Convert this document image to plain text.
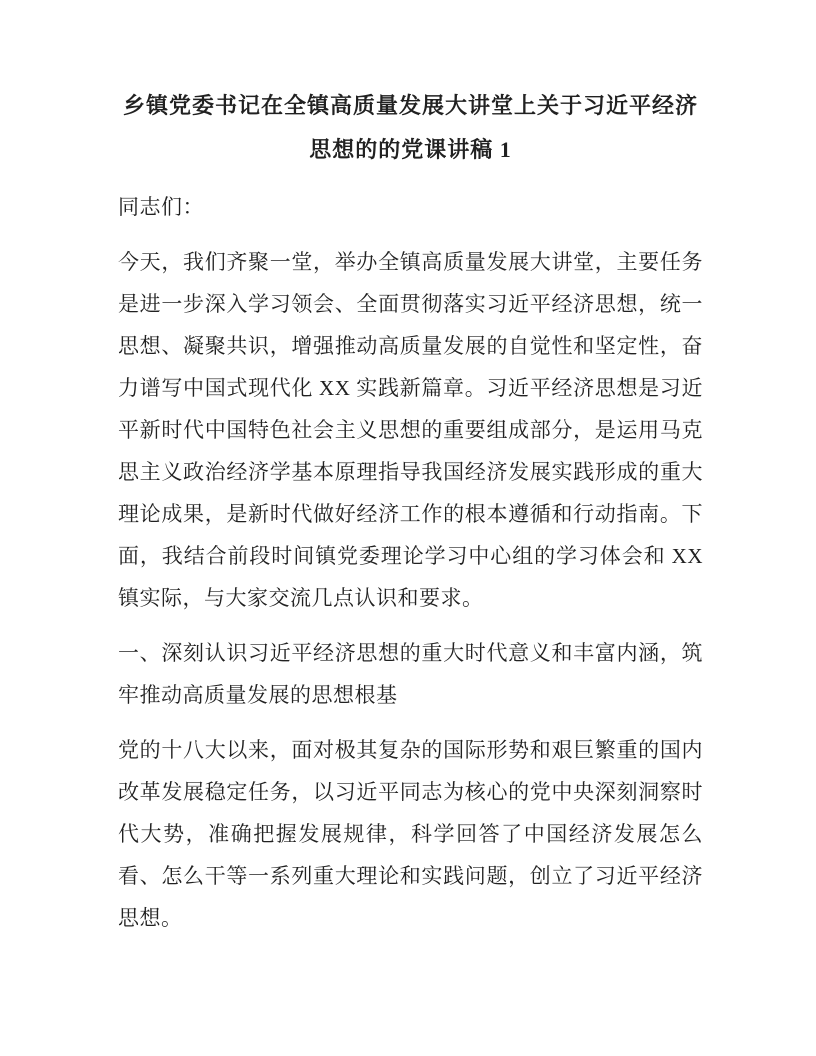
乡镇党委书记在全镇高质量发展大讲堂上关于习近平经济思想的的党课讲稿 1

同志们：

今天，我们齐聚一堂，举办全镇高质量发展大讲堂，主要任务是进一步深入学习领会、全面贯彻落实习近平经济思想，统一思想、凝聚共识，增强推动高质量发展的自觉性和坚定性，奋力谱写中国式现代化 XX 实践新篇章。习近平经济思想是习近平新时代中国特色社会主义思想的重要组成部分，是运用马克思主义政治经济学基本原理指导我国经济发展实践形成的重大理论成果，是新时代做好经济工作的根本遵循和行动指南。下面，我结合前段时间镇党委理论学习中心组的学习体会和 XX 镇实际，与大家交流几点认识和要求。

一、深刻认识习近平经济思想的重大时代意义和丰富内涵，筑牢推动高质量发展的思想根基

党的十八大以来，面对极其复杂的国际形势和艰巨繁重的国内改革发展稳定任务，以习近平同志为核心的党中央深刻洞察时代大势，准确把握发展规律，科学回答了中国经济发展怎么看、怎么干等一系列重大理论和实践问题，创立了习近平经济思想。
